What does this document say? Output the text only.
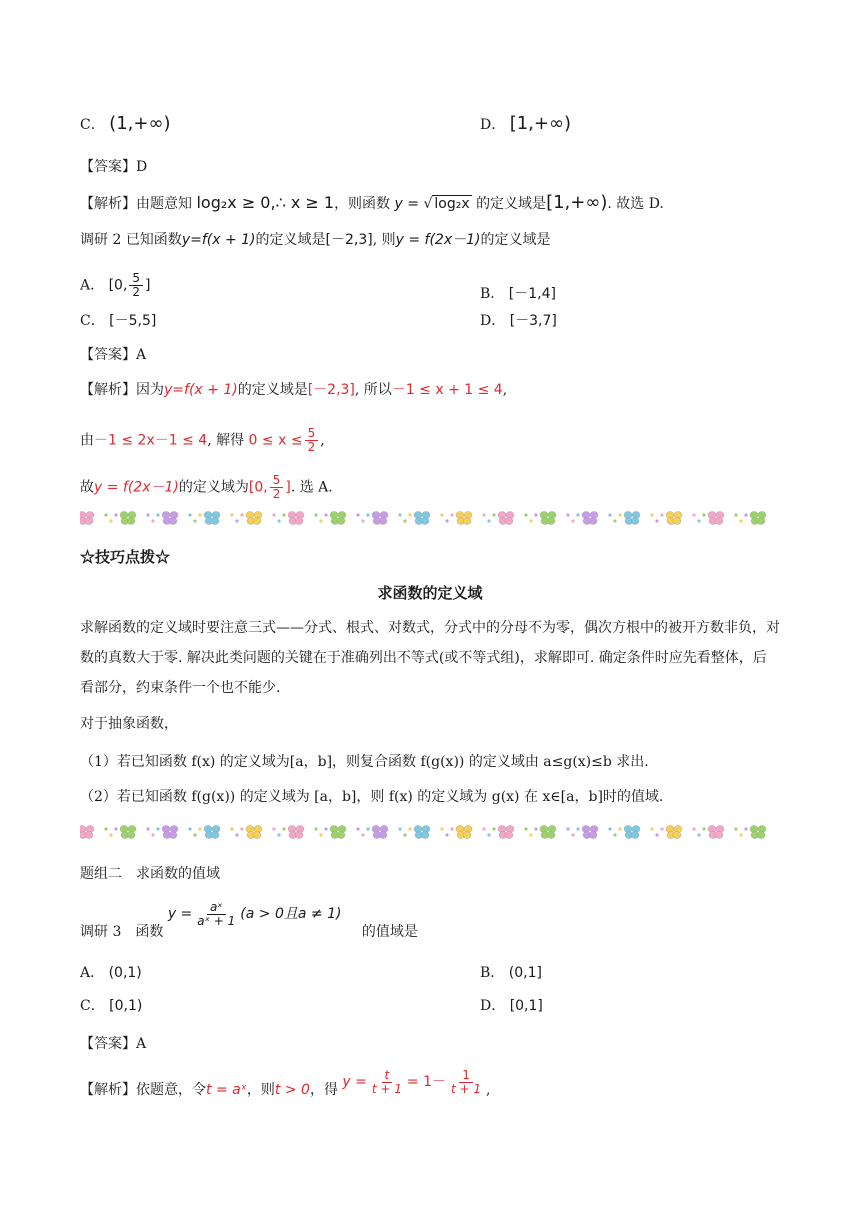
C． (1,+∞)	D． [1,+∞)
【答案】D
【解析】由题意知 log₂x ≥ 0,∴ x ≥ 1，则函数 y = √ log₂x 的定义域是[1,+∞). 故选 D.
调研 2 已知函数y=f(x + 1)的定义域是[－2,3], 则y = f(2x－1)的定义域是
A． [0, $\frac{5}{2}$ ]
B． [－1,4]
C． [－5,5]	D． [－3,7]
【答案】A
【解析】因为y=f(x + 1)的定义域是[－2,3], 所以－1 ≤ x + 1 ≤ 4,
由－1 ≤ 2x－1 ≤ 4, 解得 $0 \le x \le \frac{5}{2}$ ,
故y = f(2x－1)的定义域为[0, $\frac{5}{2}$ ]. 选 A.
☆技巧点拨☆
求函数的定义域
求解函数的定义域时要注意三式——分式、根式、对数式，分式中的分母不为零，偶次方根中的被开方数非负，对数的真数大于零. 解决此类问题的关键在于准确列出不等式(或不等式组)，求解即可. 确定条件时应先看整体，后看部分，约束条件一个也不能少.
对于抽象函数，
（1）若已知函数 f(x) 的定义域为[a，b]，则复合函数 f(g(x)) 的定义域由 a≤g(x)≤b 求出.
（2）若已知函数 f(g(x)) 的定义域为 [a，b]，则 f(x) 的定义域为 g(x) 在 x∈[a，b]时的值域.
题组二　求函数的值域
调研 3　函数 $y = \frac{\text{aˣ}}{\text{aˣ + 1}} (a > 0$且a ≠ 1) 的值域是
A． (0,1)	B． (0,1]
C． [0,1)	D． [0,1]
【答案】A
【解析】依题意，令t = aˣ，则t > 0，得 $y = \frac{t}{t + 1} = 1- \frac{1}{t + 1}$ ,
